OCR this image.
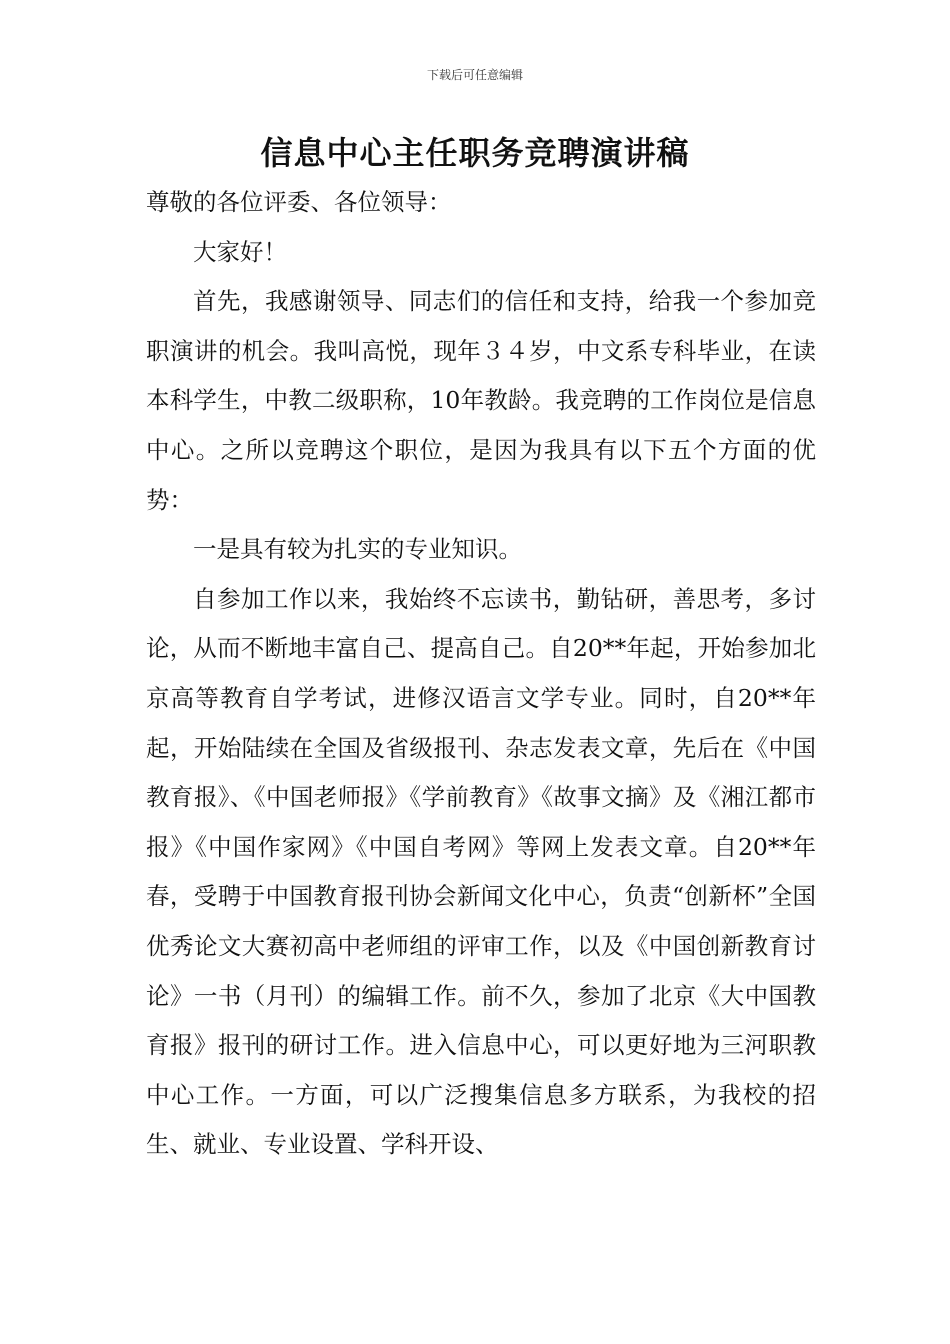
下载后可任意编辑
信息中心主任职务竞聘演讲稿

尊敬的各位评委、各位领导：

大家好！

首先，我感谢领导、同志们的信任和支持，给我一个参加竞职演讲的机会。我叫高悦，现年３４岁，中文系专科毕业，在读本科学生，中教二级职称，10年教龄。我竞聘的工作岗位是信息中心。之所以竞聘这个职位，是因为我具有以下五个方面的优势：

一是具有较为扎实的专业知识。

自参加工作以来，我始终不忘读书，勤钻研，善思考，多讨论，从而不断地丰富自己、提高自己。自20**年起，开始参加北京高等教育自学考试，进修汉语言文学专业。同时，自20**年起，开始陆续在全国及省级报刊、杂志发表文章，先后在《中国教育报》、《中国老师报》《学前教育》《故事文摘》及《湘江都市报》《中国作家网》《中国自考网》等网上发表文章。自20**年春，受聘于中国教育报刊协会新闻文化中心，负责“创新杯”全国优秀论文大赛初高中老师组的评审工作，以及《中国创新教育讨论》一书（月刊）的编辑工作。前不久，参加了北京《大中国教育报》报刊的研讨工作。进入信息中心，可以更好地为三河职教中心工作。一方面，可以广泛搜集信息多方联系，为我校的招生、就业、专业设置、学科开设、
